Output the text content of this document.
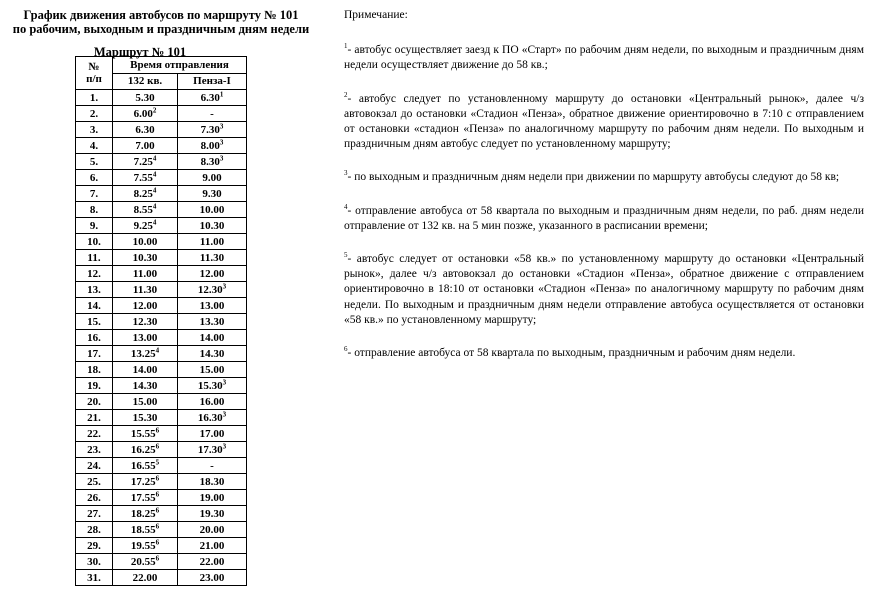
График движения автобусов по маршруту № 101
по рабочим, выходным и праздничным дням недели

Маршрут № 101

№
п/п	Время отправления	
	132 кв.	Пенза-I
1.	5.30	6.30$^1$
2.	6.00$^2$	-
3.	6.30	7.30$^3$
4.	7.00	8.00$^3$
5.	7.25$^4$	8.30$^3$
6.	7.55$^4$	9.00
7.	8.25$^4$	9.30
8.	8.55$^4$	10.00
9.	9.25$^4$	10.30
10.	10.00	11.00
11.	10.30	11.30
12.	11.00	12.00
13.	11.30	12.30$^3$
14.	12.00	13.00
15.	12.30	13.30
16.	13.00	14.00
17.	13.25$^4$	14.30
18.	14.00	15.00
19.	14.30	15.30$^3$
20.	15.00	16.00
21.	15.30	16.30$^3$
22.	15.55$^6$	17.00
23.	16.25$^6$	17.30$^3$
24.	16.55$^5$	-
25.	17.25$^6$	18.30
26.	17.55$^6$	19.00
27.	18.25$^6$	19.30
28.	18.55$^6$	20.00
29.	19.55$^6$	21.00
30.	20.55$^6$	22.00
31.	22.00	23.00

Примечание:

$^1$- автобус осуществляет заезд к ПО «Старт» по рабочим дням недели, по выходным и праздничным дням недели осуществляет движение до 58 кв.;

$^2$- автобус следует по установленному маршруту до остановки «Центральный рынок», далее ч/з автовокзал до остановки «Стадион «Пенза», обратное движение ориентировочно в 7:10 с отправлением от остановки «стадион «Пенза» по аналогичному маршруту по рабочим дням недели. По выходным и праздничным дням автобус следует по установленному маршруту;

$^3$- по выходным и праздничным дням недели при движении по маршруту автобусы следуют до 58 кв;

$^4$- отправление автобуса от 58 квартала по выходным и праздничным дням недели, по раб. дням недели отправление от 132 кв. на 5 мин позже, указанного в расписании времени;

$^5$- автобус следует от остановки «58 кв.» по установленному маршруту до остановки «Центральный рынок», далее ч/з автовокзал до остановки «Стадион «Пенза», обратное движение с отправлением ориентировочно в 18:10 от остановки «Стадион «Пенза» по аналогичному маршруту по рабочим дням недели. По выходным и праздничным дням недели отправление автобуса осуществляется от остановки «58 кв.» по установленному маршруту;

$^6$- отправление автобуса от 58 квартала по выходным, праздничным и рабочим дням недели.
